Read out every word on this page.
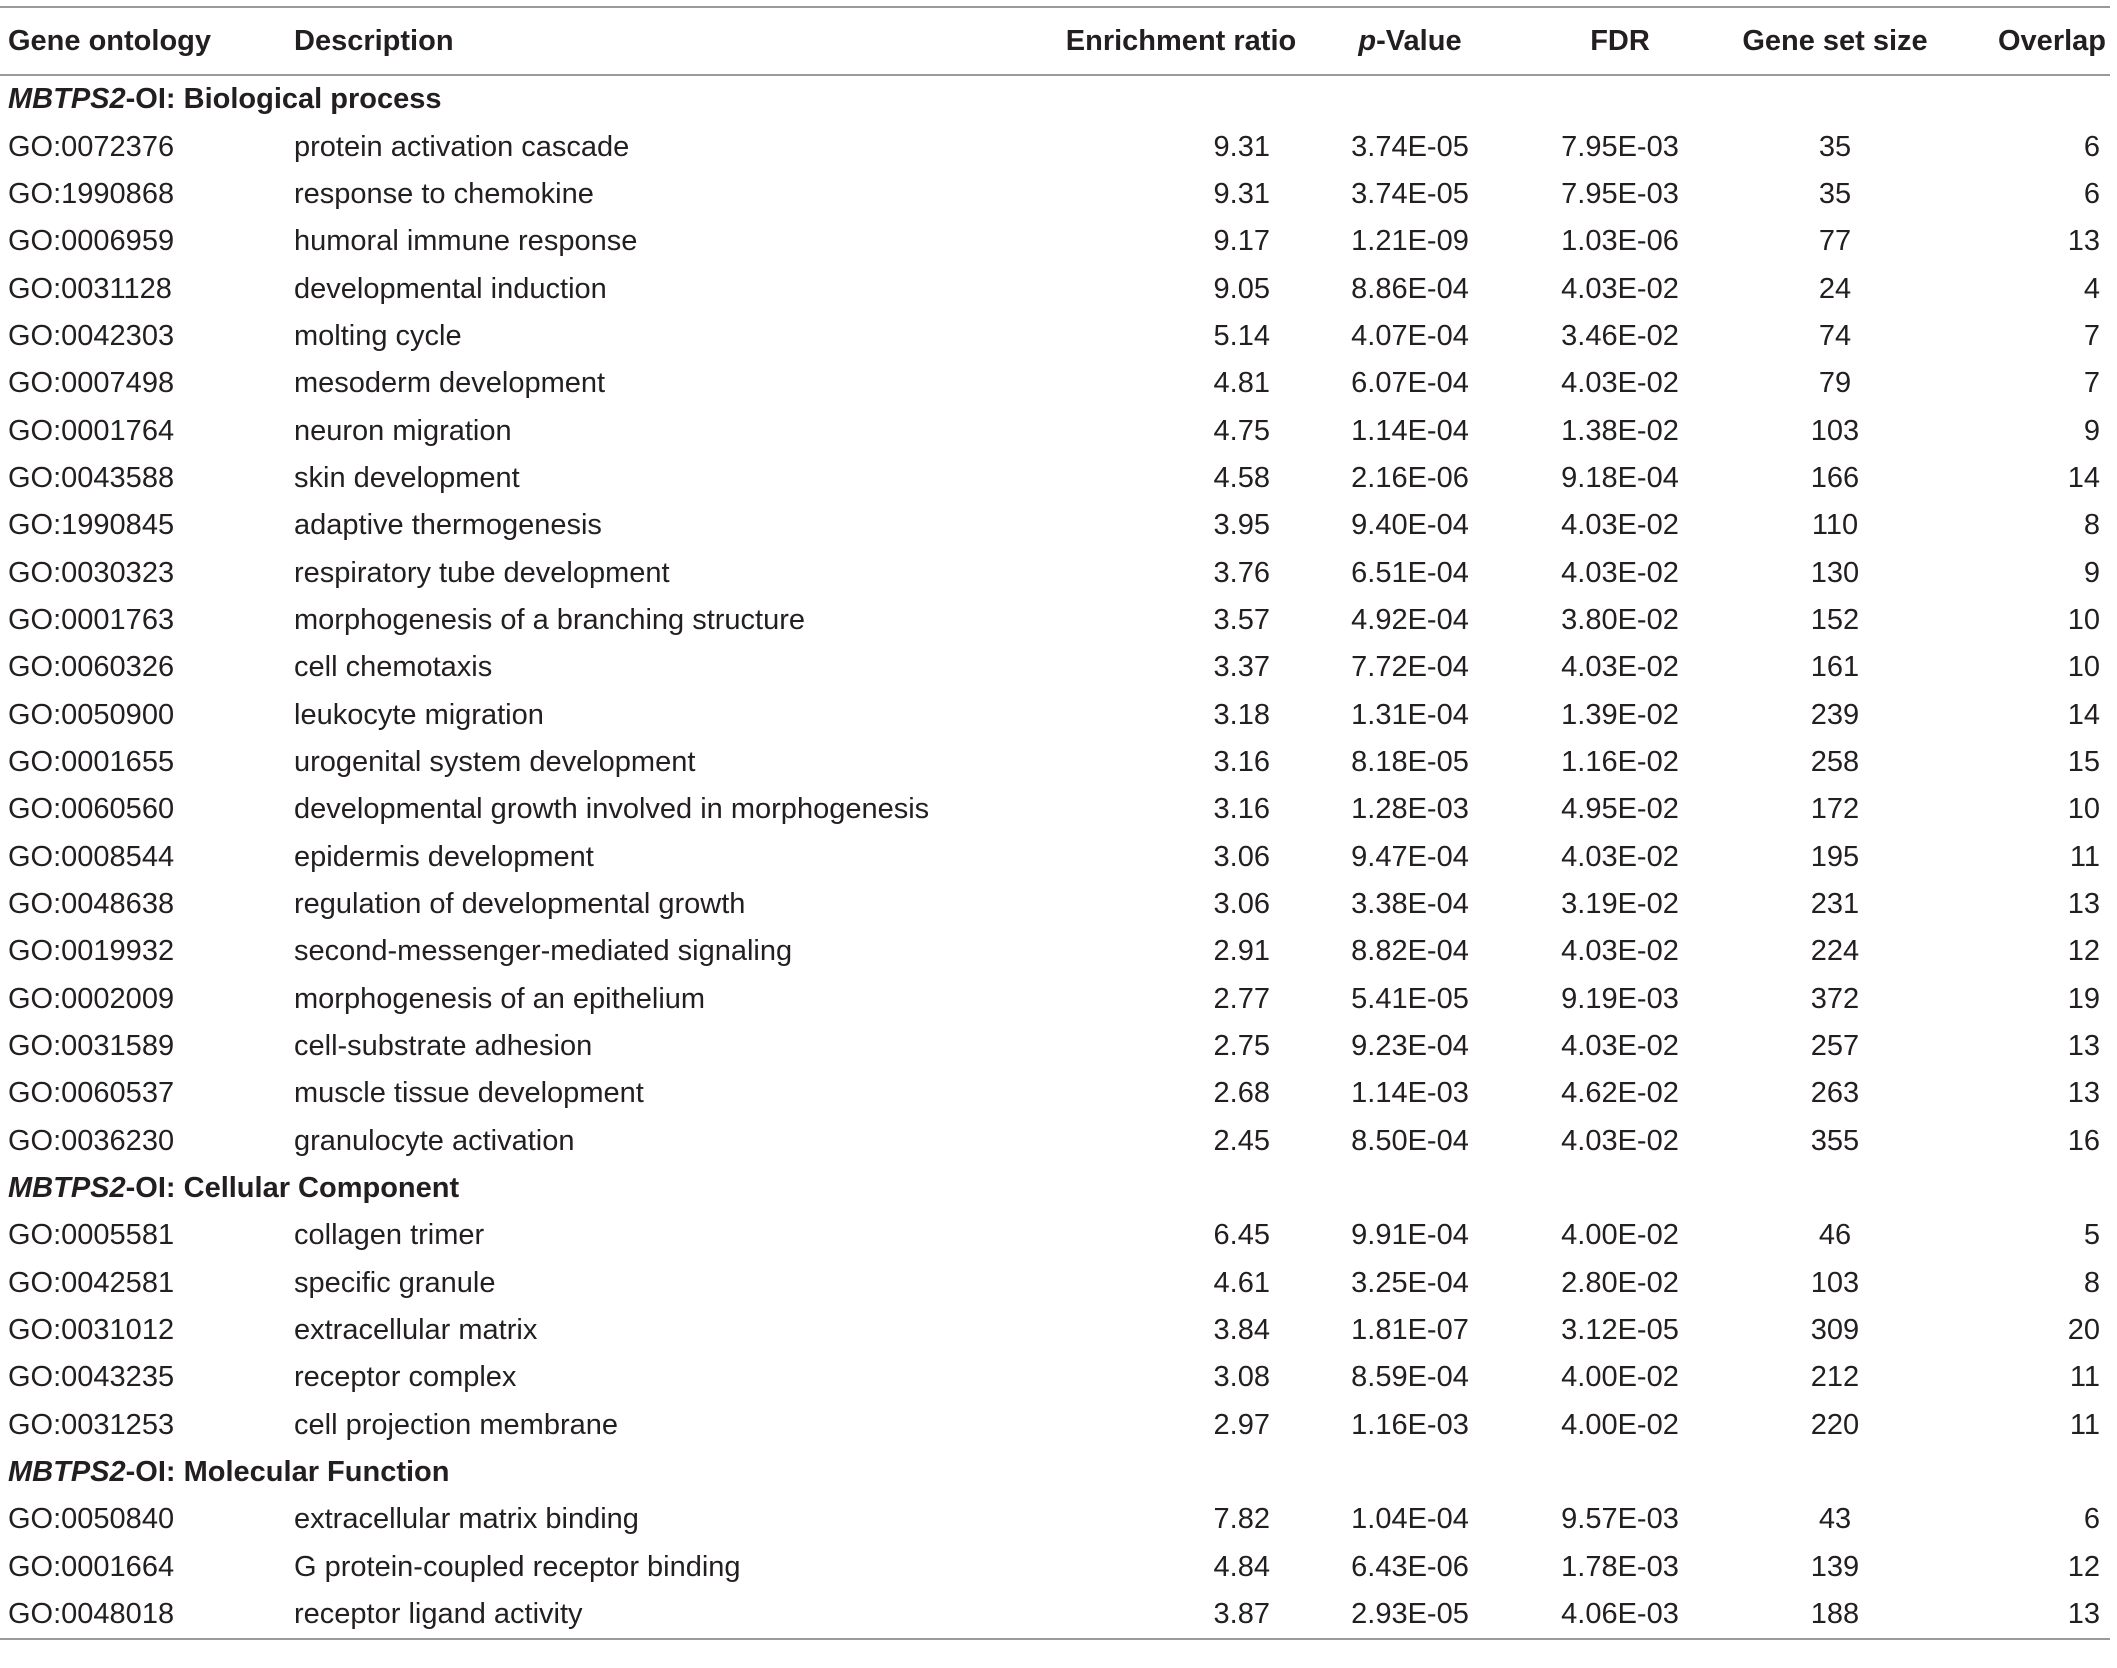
Gene ontology	Description	Enrichment ratio	p-Value	FDR	Gene set size	Overlap
MBTPS2-OI: Biological process						
GO:0072376	protein activation cascade	9.31	3.74E-05	7.95E-03	35	6
GO:1990868	response to chemokine	9.31	3.74E-05	7.95E-03	35	6
GO:0006959	humoral immune response	9.17	1.21E-09	1.03E-06	77	13
GO:0031128	developmental induction	9.05	8.86E-04	4.03E-02	24	4
GO:0042303	molting cycle	5.14	4.07E-04	3.46E-02	74	7
GO:0007498	mesoderm development	4.81	6.07E-04	4.03E-02	79	7
GO:0001764	neuron migration	4.75	1.14E-04	1.38E-02	103	9
GO:0043588	skin development	4.58	2.16E-06	9.18E-04	166	14
GO:1990845	adaptive thermogenesis	3.95	9.40E-04	4.03E-02	110	8
GO:0030323	respiratory tube development	3.76	6.51E-04	4.03E-02	130	9
GO:0001763	morphogenesis of a branching structure	3.57	4.92E-04	3.80E-02	152	10
GO:0060326	cell chemotaxis	3.37	7.72E-04	4.03E-02	161	10
GO:0050900	leukocyte migration	3.18	1.31E-04	1.39E-02	239	14
GO:0001655	urogenital system development	3.16	8.18E-05	1.16E-02	258	15
GO:0060560	developmental growth involved in morphogenesis	3.16	1.28E-03	4.95E-02	172	10
GO:0008544	epidermis development	3.06	9.47E-04	4.03E-02	195	11
GO:0048638	regulation of developmental growth	3.06	3.38E-04	3.19E-02	231	13
GO:0019932	second-messenger-mediated signaling	2.91	8.82E-04	4.03E-02	224	12
GO:0002009	morphogenesis of an epithelium	2.77	5.41E-05	9.19E-03	372	19
GO:0031589	cell-substrate adhesion	2.75	9.23E-04	4.03E-02	257	13
GO:0060537	muscle tissue development	2.68	1.14E-03	4.62E-02	263	13
GO:0036230	granulocyte activation	2.45	8.50E-04	4.03E-02	355	16
MBTPS2-OI: Cellular Component						
GO:0005581	collagen trimer	6.45	9.91E-04	4.00E-02	46	5
GO:0042581	specific granule	4.61	3.25E-04	2.80E-02	103	8
GO:0031012	extracellular matrix	3.84	1.81E-07	3.12E-05	309	20
GO:0043235	receptor complex	3.08	8.59E-04	4.00E-02	212	11
GO:0031253	cell projection membrane	2.97	1.16E-03	4.00E-02	220	11
MBTPS2-OI: Molecular Function						
GO:0050840	extracellular matrix binding	7.82	1.04E-04	9.57E-03	43	6
GO:0001664	G protein-coupled receptor binding	4.84	6.43E-06	1.78E-03	139	12
GO:0048018	receptor ligand activity	3.87	2.93E-05	4.06E-03	188	13
